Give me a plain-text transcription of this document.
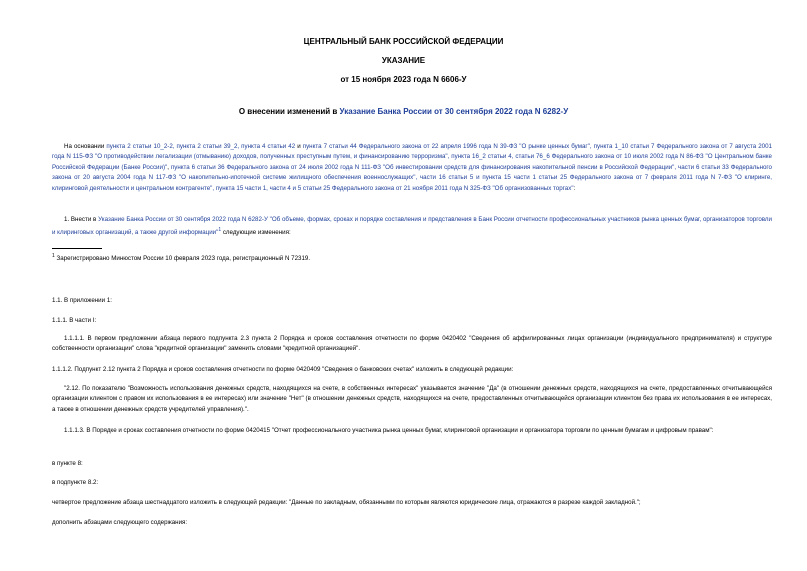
ЦЕНТРАЛЬНЫЙ БАНК РОССИЙСКОЙ ФЕДЕРАЦИИ
УКАЗАНИЕ
от 15 ноября 2023 года N 6606-У
О внесении изменений в Указание Банка России от 30 сентября 2022 года N 6282-У
На основании пункта 2 статьи 10_2-2, пункта 2 статьи 39_2, пункта 4 статьи 42 и пункта 7 статьи 44 Федерального закона от 22 апреля 1996 года N 39-ФЗ "О рынке ценных бумаг", пункта 1_10 статьи 7 Федерального закона от 7 августа 2001 года N 115-ФЗ "О противодействии легализации (отмыванию) доходов, полученных преступным путем, и финансированию терроризма", пункта 16_2 статьи 4, статьи 76_6 Федерального закона от 10 июля 2002 года N 86-ФЗ "О Центральном банке Российской Федерации (Банке России)", пункта 6 статьи 36 Федерального закона от 24 июля 2002 года N 111-ФЗ "Об инвестировании средств для финансирования накопительной пенсии в Российской Федерации", части 6 статьи 33 Федерального закона от 20 августа 2004 года N 117-ФЗ "О накопительно-ипотечной системе жилищного обеспечения военнослужащих", части 16 статьи 5 и пункта 15 части 1 статьи 25 Федерального закона от 7 февраля 2011 года N 7-ФЗ "О клиринге, клиринговой деятельности и центральном контрагенте", пункта 15 части 1, части 4 и 5 статьи 25 Федерального закона от 21 ноября 2011 года N 325-ФЗ "Об организованных торгах":
1. Внести в Указание Банка России от 30 сентября 2022 года N 6282-У "Об объеме, формах, сроках и порядке составления и представления в Банк России отчетности профессиональных участников рынка ценных бумаг, организаторов торговли и клиринговых организаций, а также другой информации"$^1$ следующие изменения:
$^1$ Зарегистрировано Минюстом России 10 февраля 2023 года, регистрационный N 72319.
1.1. В приложении 1:
1.1.1. В части I:
1.1.1.1. В первом предложении абзаца первого подпункта 2.3 пункта 2 Порядка и сроков составления отчетности по форме 0420402 "Сведения об аффилированных лицах организации (индивидуального предпринимателя) и структуре собственности организации" слова "кредитной организации" заменить словами "кредитной организацией".
1.1.1.2. Подпункт 2.12 пункта 2 Порядка и сроков составления отчетности по форме 0420409 "Сведения о банковских счетах" изложить в следующей редакции:
"2.12. По показателю "Возможность использования денежных средств, находящихся на счете, в собственных интересах" указывается значение "Да" (в отношении денежных средств, находящихся на счете, предоставленных отчитывающейся организации клиентом с правом их использования в ее интересах) или значение "Нет" (в отношении денежных средств, находящихся на счете, предоставленных отчитывающейся организации клиентом без права их использования в ее интересах, а также в отношении денежных средств учредителей управления).".
1.1.1.3. В Порядке и сроках составления отчетности по форме 0420415 "Отчет профессионального участника рынка ценных бумаг, клиринговой организации и организатора торговли по ценным бумагам и цифровым правам":
в пункте 8:
в подпункте 8.2:
четвертое предложение абзаца шестнадцатого изложить в следующей редакции: "Данные по закладным, обязанными по которым являются юридические лица, отражаются в разрезе каждой закладной.";
дополнить абзацами следующего содержания:
